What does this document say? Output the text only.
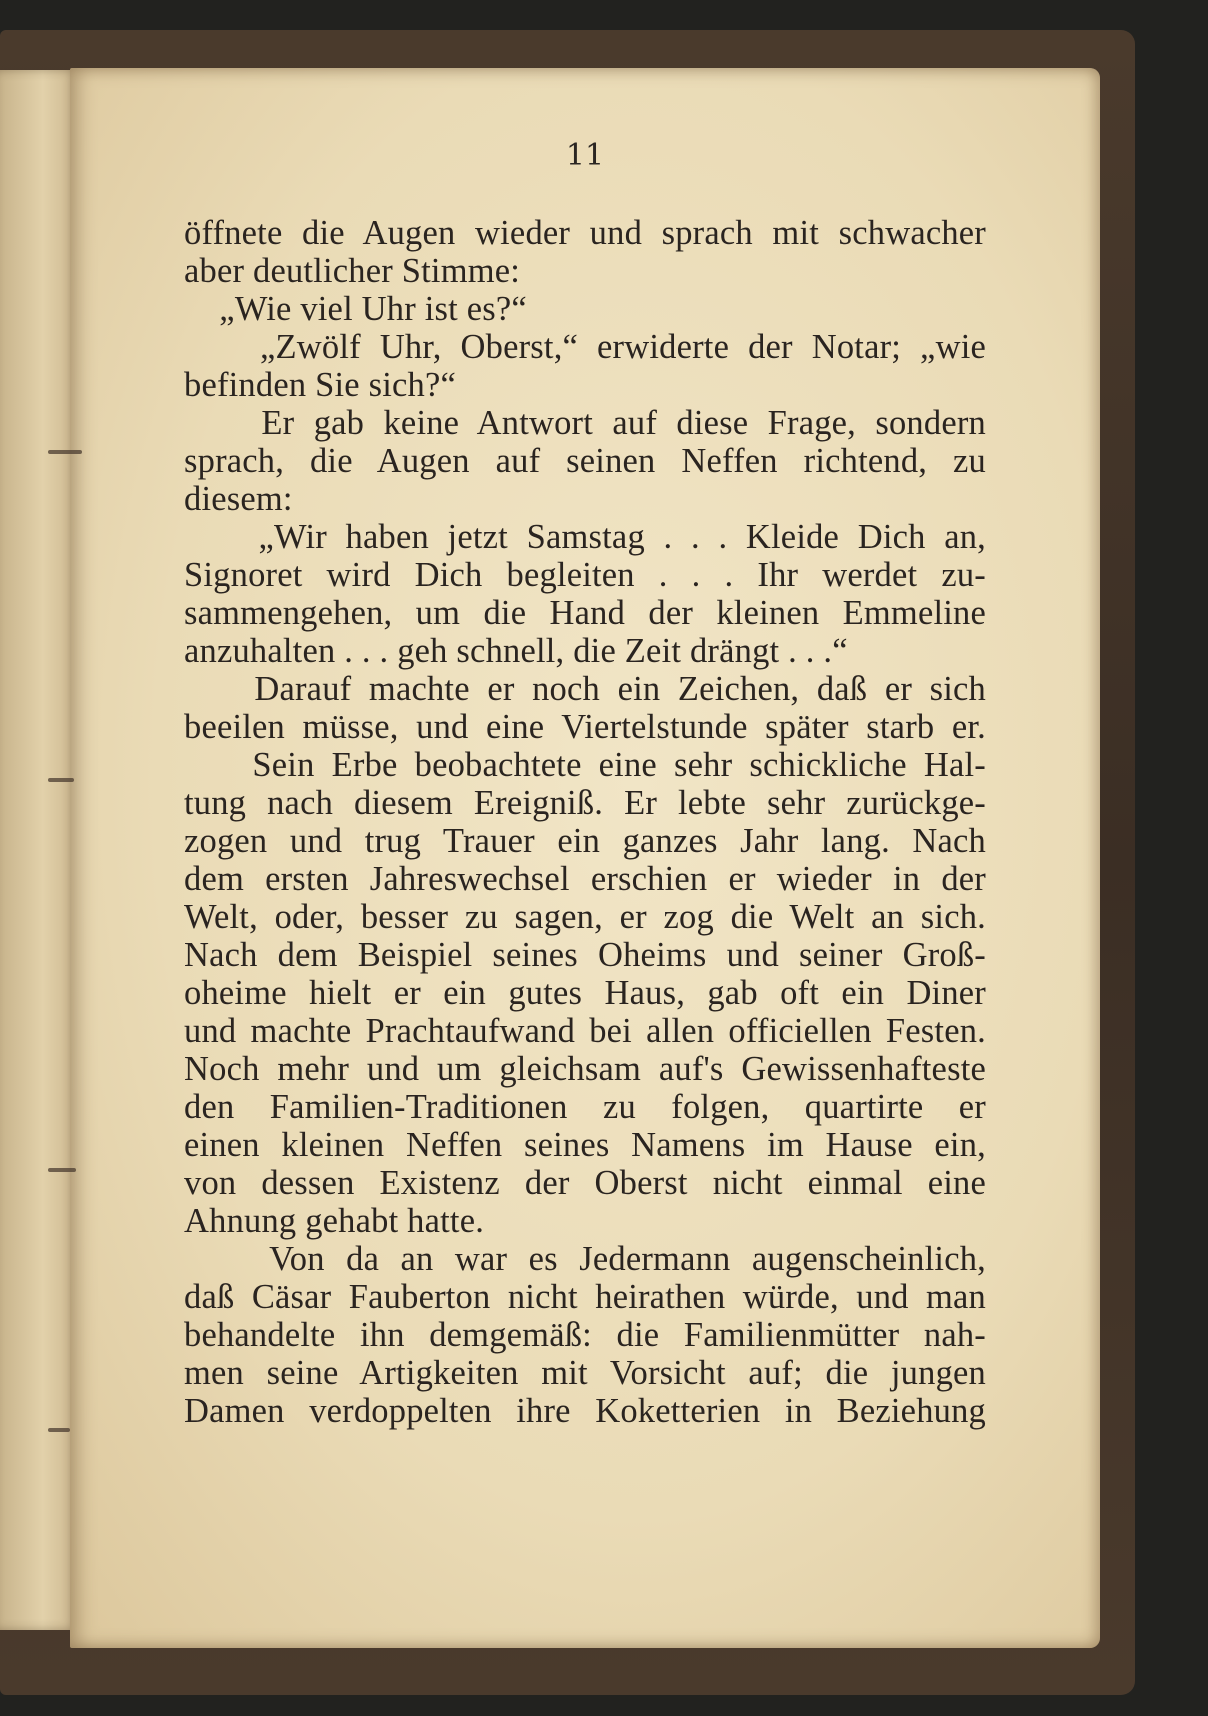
11
öffnete die Augen wieder und sprach mit schwacher
aber deutlicher Stimme:
„Wie viel Uhr ist es?“
„Zwölf Uhr, Oberst,“ erwiderte der Notar; „wie
befinden Sie sich?“
Er gab keine Antwort auf diese Frage, sondern
sprach, die Augen auf seinen Neffen richtend, zu
diesem:
„Wir haben jetzt Samstag . . . Kleide Dich an,
Signoret wird Dich begleiten . . . Ihr werdet zu-
sammengehen, um die Hand der kleinen Emmeline
anzuhalten . . . geh schnell, die Zeit drängt . . .“
Darauf machte er noch ein Zeichen, daß er sich
beeilen müsse, und eine Viertelstunde später starb er.
Sein Erbe beobachtete eine sehr schickliche Hal-
tung nach diesem Ereigniß. Er lebte sehr zurückge-
zogen und trug Trauer ein ganzes Jahr lang. Nach
dem ersten Jahreswechsel erschien er wieder in der
Welt, oder, besser zu sagen, er zog die Welt an sich.
Nach dem Beispiel seines Oheims und seiner Groß-
oheime hielt er ein gutes Haus, gab oft ein Diner
und machte Prachtaufwand bei allen officiellen Festen.
Noch mehr und um gleichsam auf's Gewissenhafteste
den Familien-Traditionen zu folgen, quartirte er
einen kleinen Neffen seines Namens im Hause ein,
von dessen Existenz der Oberst nicht einmal eine
Ahnung gehabt hatte.
Von da an war es Jedermann augenscheinlich,
daß Cäsar Fauberton nicht heirathen würde, und man
behandelte ihn demgemäß: die Familienmütter nah-
men seine Artigkeiten mit Vorsicht auf; die jungen
Damen verdoppelten ihre Koketterien in Beziehung
